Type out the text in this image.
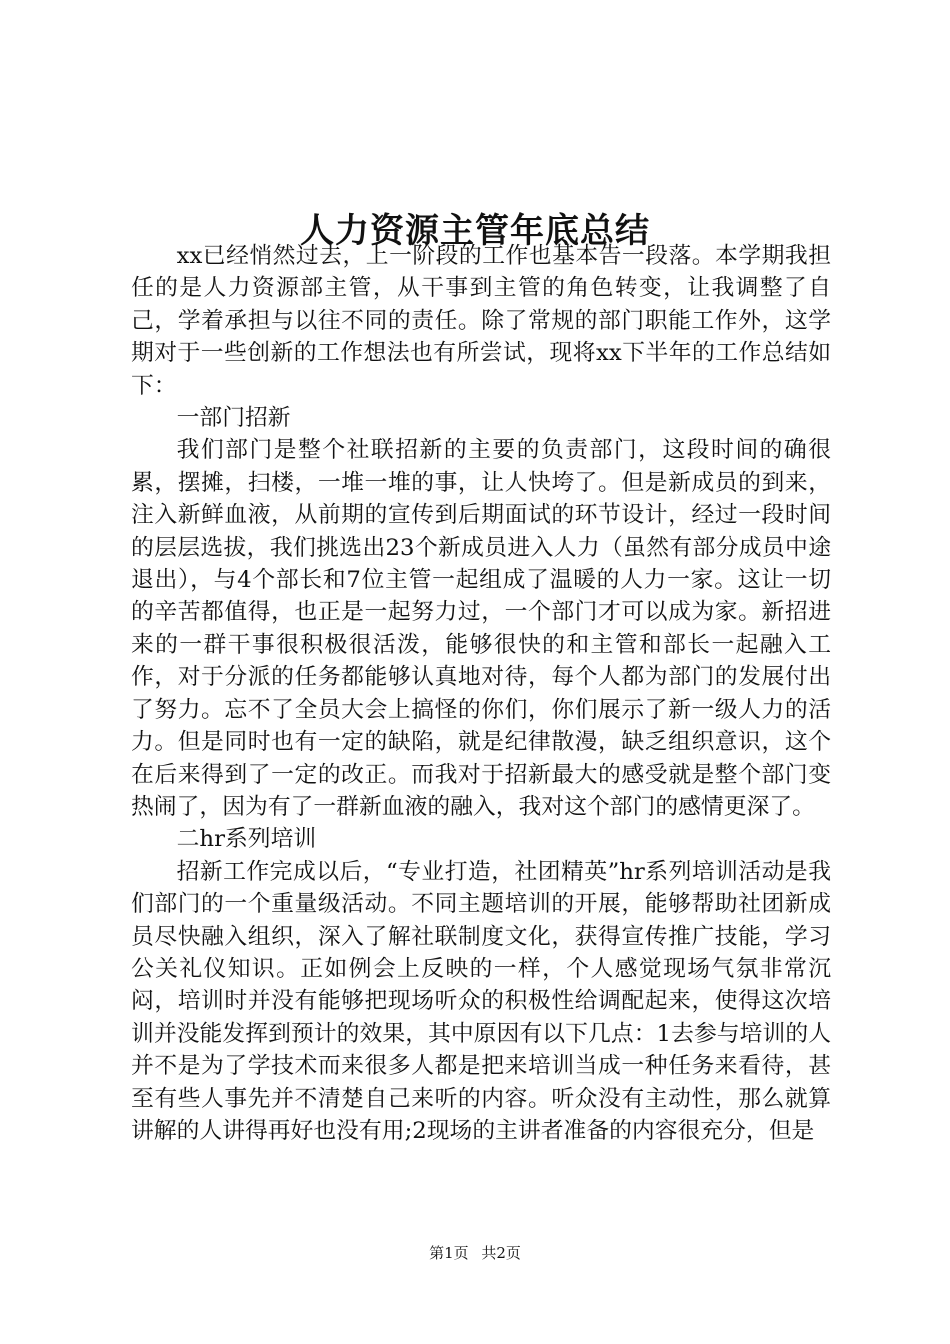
人力资源主管年底总结

xx已经悄然过去，上一阶段的工作也基本告一段落。本学期我担任的是人力资源部主管，从干事到主管的角色转变，让我调整了自己，学着承担与以往不同的责任。除了常规的部门职能工作外，这学期对于一些创新的工作想法也有所尝试，现将xx下半年的工作总结如下：

一部门招新

我们部门是整个社联招新的主要的负责部门，这段时间的确很累，摆摊，扫楼，一堆一堆的事，让人快垮了。但是新成员的到来，注入新鲜血液，从前期的宣传到后期面试的环节设计，经过一段时间的层层选拔，我们挑选出23个新成员进入人力（虽然有部分成员中途退出），与4个部长和7位主管一起组成了温暖的人力一家。这让一切的辛苦都值得，也正是一起努力过，一个部门才可以成为家。新招进来的一群干事很积极很活泼，能够很快的和主管和部长一起融入工作，对于分派的任务都能够认真地对待，每个人都为部门的发展付出了努力。忘不了全员大会上搞怪的你们，你们展示了新一级人力的活力。但是同时也有一定的缺陷，就是纪律散漫，缺乏组织意识，这个在后来得到了一定的改正。而我对于招新最大的感受就是整个部门变热闹了，因为有了一群新血液的融入，我对这个部门的感情更深了。

二hr系列培训

招新工作完成以后，“专业打造，社团精英”hr系列培训活动是我们部门的一个重量级活动。不同主题培训的开展，能够帮助社团新成员尽快融入组织，深入了解社联制度文化，获得宣传推广技能，学习公关礼仪知识。正如例会上反映的一样，个人感觉现场气氛非常沉闷，培训时并没有能够把现场听众的积极性给调配起来，使得这次培训并没能发挥到预计的效果，其中原因有以下几点：1去参与培训的人并不是为了学技术而来很多人都是把来培训当成一种任务来看待，甚至有些人事先并不清楚自己来听的内容。听众没有主动性，那么就算讲解的人讲得再好也没有用;2现场的主讲者准备的内容很充分，但是

第1页 共2页
